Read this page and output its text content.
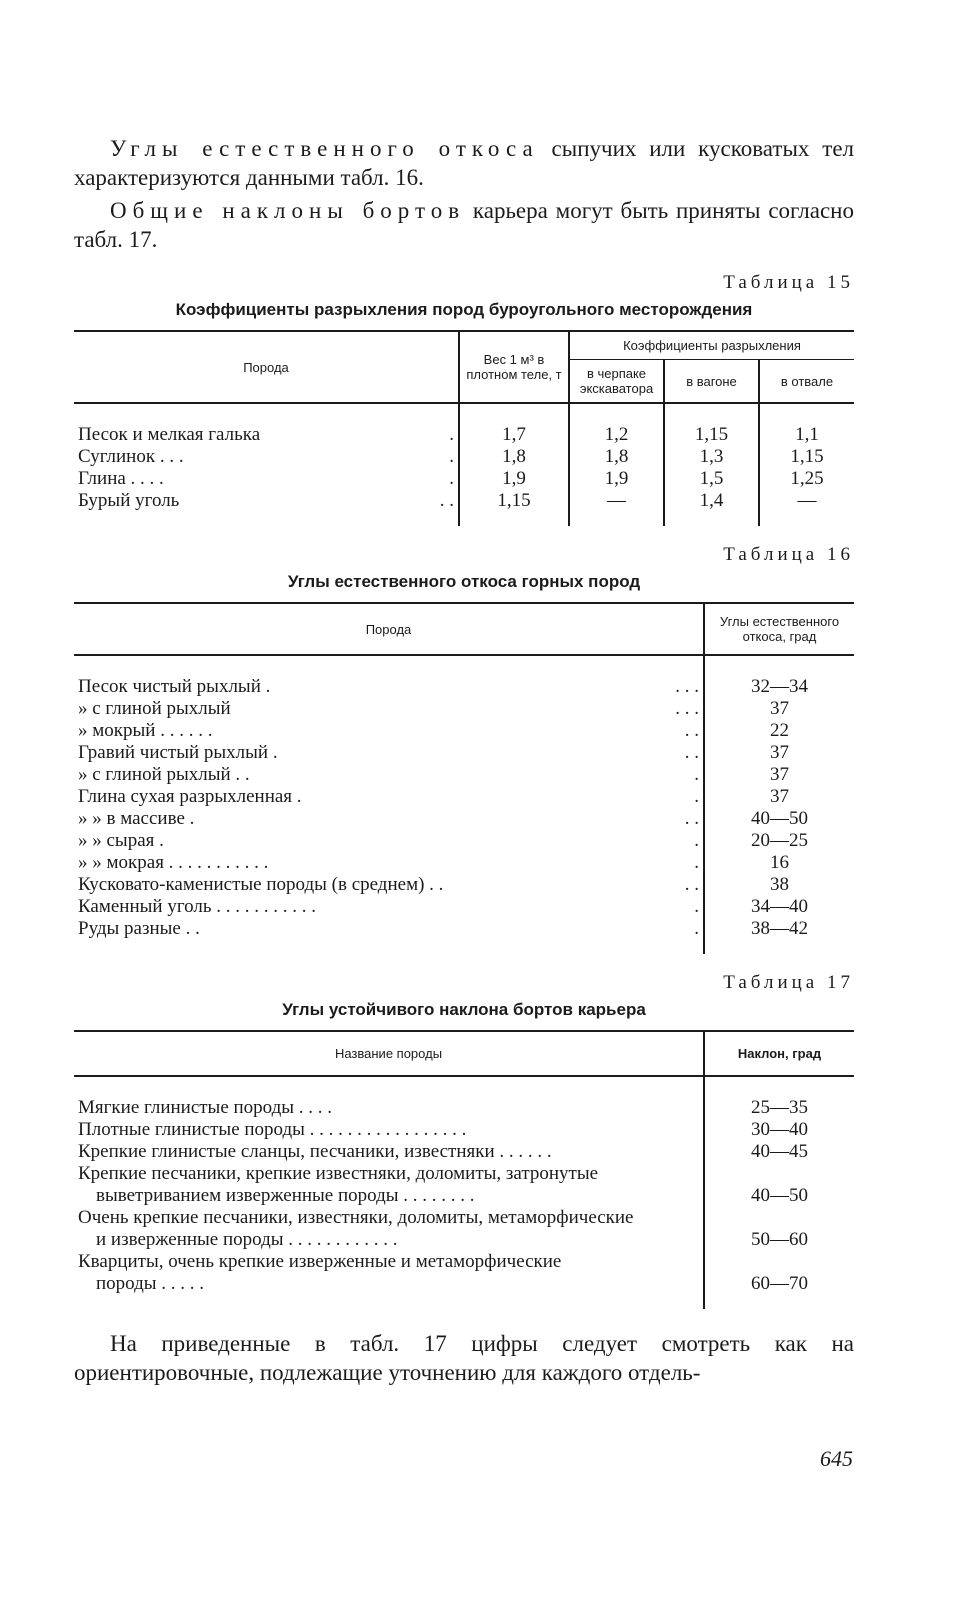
Углы естественного откоса сыпучих или кусковатых тел характеризуются данными табл. 16.

Общие наклоны бортов карьера могут быть приняты согласно табл. 17.

Таблица 15
Коэффициенты разрыхления пород буроугольного месторождения
Порода	Вес 1 м³ в плотном теле, т	Коэффициенты разрыхления		
		в черпаке экскаватора	в вагоне	в отвале
Песок и мелкая галька .	1,7	1,2	1,15	1,1
Суглинок . . . .	1,8	1,8	1,3	1,15
Глина . . . . .	1,9	1,9	1,5	1,25
Бурый уголь . .	1,15	—	1,4	—
Таблица 16
Углы естественного откоса горных пород
Порода	Углы естественного откоса, град
Песок чистый рыхлый . . . .	32—34
» с глиной рыхлый . . .	37
» мокрый . . . . . . . .	22
Гравий чистый рыхлый . . .	37
» с глиной рыхлый . . .	37
Глина сухая разрыхленная . .	37
» » в массиве . . .	40—50
» » сырая . .	20—25
» » мокрая . . . . . . . . . . . .	16
Кусковато-каменистые породы (в среднем) . . . .	38
Каменный уголь . . . . . . . . . . . .	34—40
Руды разные . . .	38—42
Таблица 17
Углы устойчивого наклона бортов карьера
Название породы	Наклон, град

Мягкие глинистые породы . . . .	25—35

Плотные глинистые породы . . . . . . . . . . . . . . . . .	30—40

Крепкие глинистые сланцы, песчаники, известняки . . . . . .	40—45

Крепкие песчаники, крепкие известняки, доломиты, затронутые
выветриванием изверженные породы . . . . . . . .	40—50

Очень крепкие песчаники, известняки, доломиты, метаморфические
и изверженные породы . . . . . . . . . . . .	50—60

Кварциты, очень крепкие изверженные и метаморфические
породы . . . . .	60—70

На приведенные в табл. 17 цифры следует смотреть как на ориентировочные, подлежащие уточнению для каждого отдель-

645
